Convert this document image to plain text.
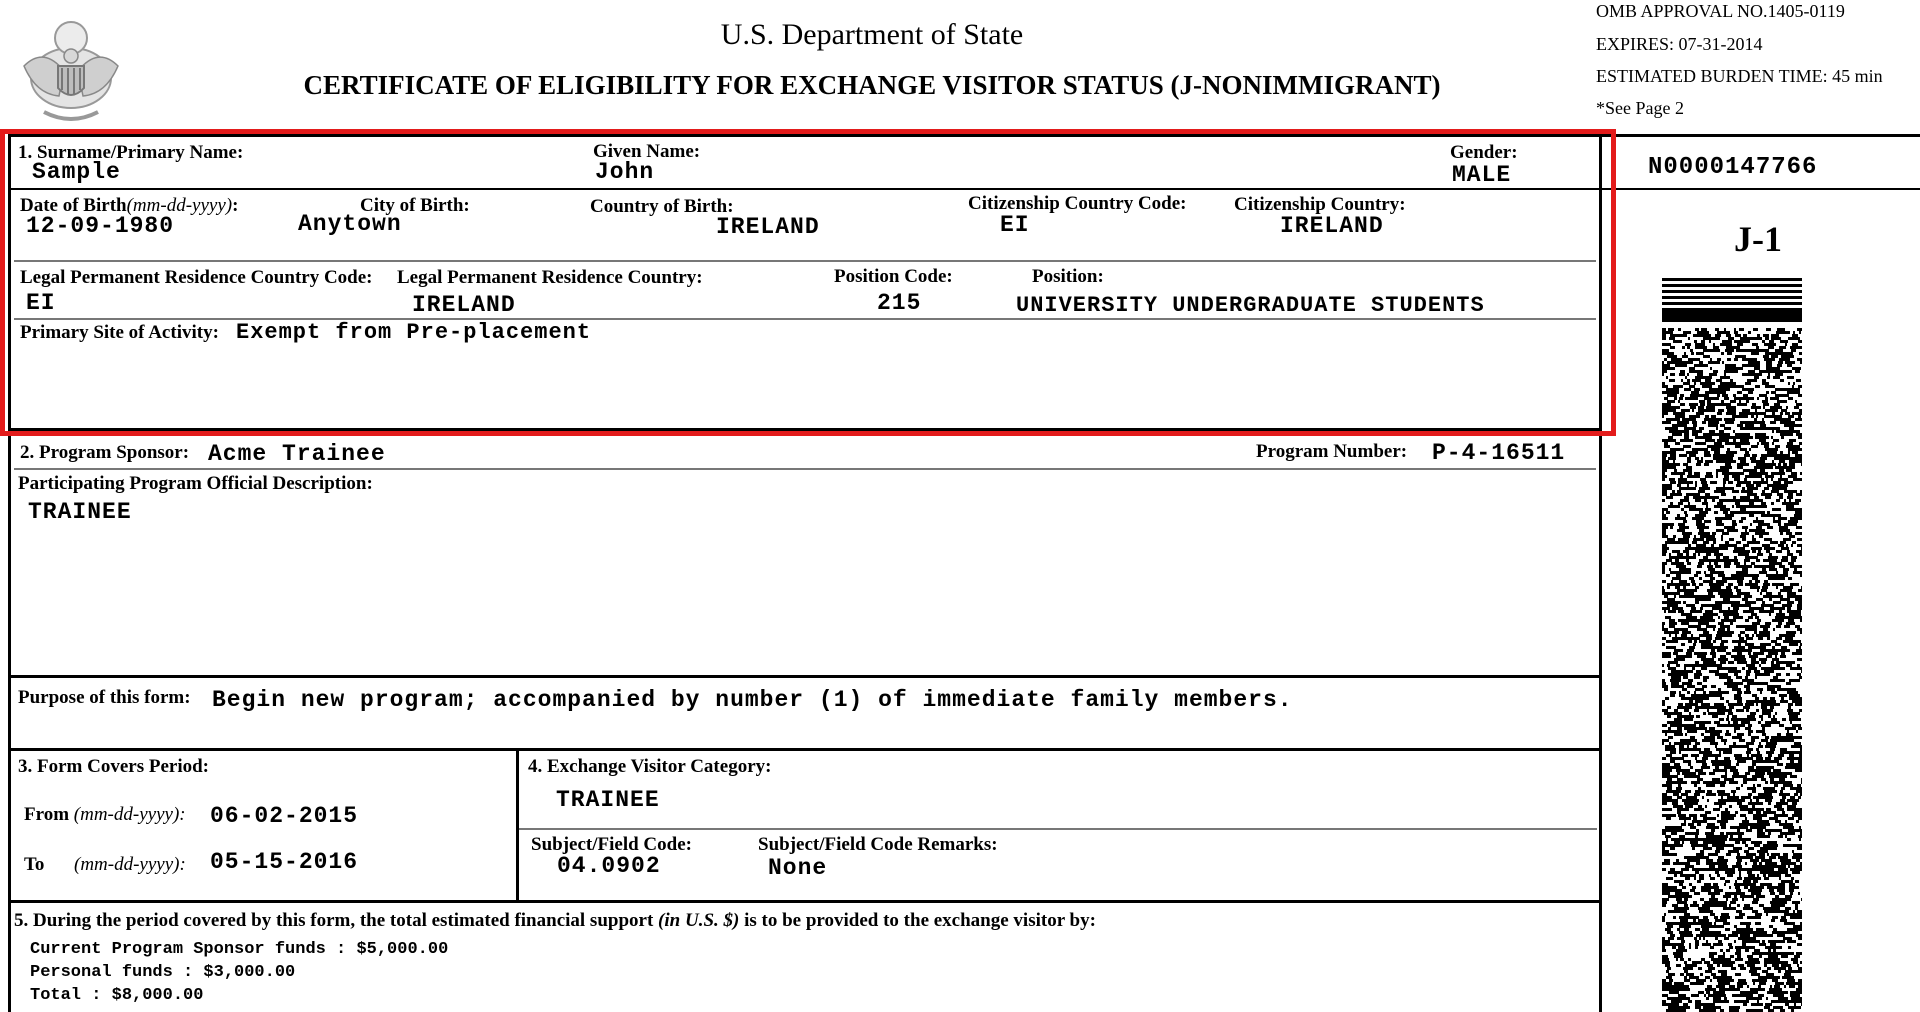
U.S. Department of State
CERTIFICATE OF ELIGIBILITY FOR EXCHANGE VISITOR STATUS (J-NONIMMIGRANT)
OMB APPROVAL NO.1405-0119
EXPIRES: 07-31-2014
ESTIMATED BURDEN TIME: 45 min
*See Page 2
N0000147766
J-1
1. Surname/Primary Name:
Sample
Given Name:
John
Gender:
MALE
Date of Birth(mm-dd-yyyy):
12-09-1980
City of Birth:
Anytown
Country of Birth:
IRELAND
Citizenship Country Code:
EI
Citizenship Country:
IRELAND
Legal Permanent Residence Country Code:
EI
Legal Permanent Residence Country:
IRELAND
Position Code:
215
Position:
UNIVERSITY UNDERGRADUATE STUDENTS
Primary Site of Activity: Exempt from Pre-placement
2. Program Sponsor: Acme Trainee	Program Number: P-4-16511
Participating Program Official Description:
TRAINEE
Purpose of this form: Begin new program; accompanied by number (1) of immediate family members.
3. Form Covers Period:
From (mm-dd-yyyy): 06-02-2015
To (mm-dd-yyyy): 05-15-2016
4. Exchange Visitor Category:
TRAINEE
Subject/Field Code:
04.0902
Subject/Field Code Remarks:
None
5. During the period covered by this form, the total estimated financial support (in U.S. $) is to be provided to the exchange visitor by:
Current Program Sponsor funds : $5,000.00
Personal funds : $3,000.00
Total : $8,000.00
